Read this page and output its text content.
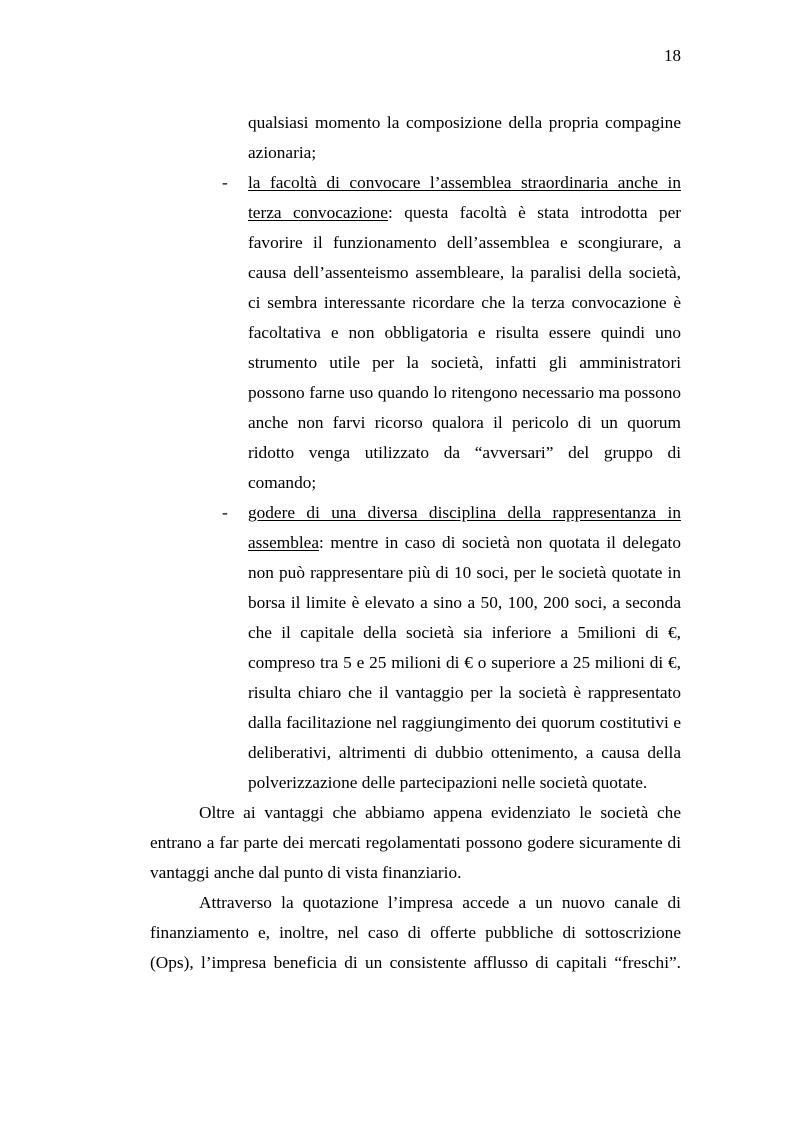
18
qualsiasi momento la composizione della propria compagine
azionaria;
- la facoltà di convocare l’assemblea straordinaria anche in
terza convocazione: questa facoltà è stata introdotta per
favorire il funzionamento dell’assemblea e scongiurare, a
causa dell’assenteismo assembleare, la paralisi della società,
ci sembra interessante ricordare che la terza convocazione è
facoltativa e non obbligatoria e risulta essere quindi uno
strumento utile per la società, infatti gli amministratori
possono farne uso quando lo ritengono necessario ma possono
anche non farvi ricorso qualora il pericolo di un quorum
ridotto venga utilizzato da “avversari” del gruppo di
comando;
- godere di una diversa disciplina della rappresentanza in
assemblea: mentre in caso di società non quotata il delegato
non può rappresentare più di 10 soci, per le società quotate in
borsa il limite è elevato a sino a 50, 100, 200 soci, a seconda
che il capitale della società sia inferiore a 5milioni di €,
compreso tra 5 e 25 milioni di € o superiore a 25 milioni di €,
risulta chiaro che il vantaggio per la società è rappresentato
dalla facilitazione nel raggiungimento dei quorum costitutivi e
deliberativi, altrimenti di dubbio ottenimento, a causa della
polverizzazione delle partecipazioni nelle società quotate.
Oltre ai vantaggi che abbiamo appena evidenziato le società che
entrano a far parte dei mercati regolamentati possono godere sicuramente di
vantaggi anche dal punto di vista finanziario.
Attraverso la quotazione l’impresa accede a un nuovo canale di
finanziamento e, inoltre, nel caso di offerte pubbliche di sottoscrizione
(Ops), l’impresa beneficia di un consistente afflusso di capitali “freschi”.
